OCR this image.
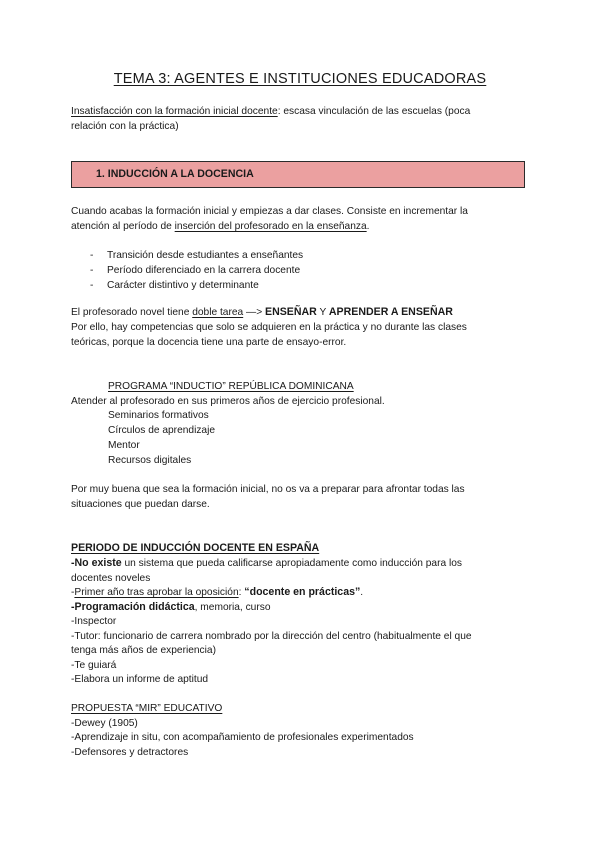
TEMA 3: AGENTES E INSTITUCIONES EDUCADORAS
Insatisfacción con la formación inicial docente: escasa vinculación de las escuelas (poca
relación con la práctica)
1. INDUCCIÓN A LA DOCENCIA
Cuando acabas la formación inicial y empiezas a dar clases. Consiste en incrementar la
atención al período de inserción del profesorado en la enseñanza.
- Transición desde estudiantes a enseñantes
- Período diferenciado en la carrera docente
- Carácter distintivo y determinante
El profesorado novel tiene doble tarea —> ENSEÑAR Y APRENDER A ENSEÑAR
Por ello, hay competencias que solo se adquieren en la práctica y no durante las clases
teóricas, porque la docencia tiene una parte de ensayo-error.
PROGRAMA “INDUCTIO” REPÚBLICA DOMINICANA
Atender al profesorado en sus primeros años de ejercicio profesional.
Seminarios formativos
Círculos de aprendizaje
Mentor
Recursos digitales
Por muy buena que sea la formación inicial, no os va a preparar para afrontar todas las
situaciones que puedan darse.
PERIODO DE INDUCCIÓN DOCENTE EN ESPAÑA
-No existe un sistema que pueda calificarse apropiadamente como inducción para los
docentes noveles
-Primer año tras aprobar la oposición: “docente en prácticas”.
-Programación didáctica, memoria, curso
-Inspector
-Tutor: funcionario de carrera nombrado por la dirección del centro (habitualmente el que
tenga más años de experiencia)
-Te guiará
-Elabora un informe de aptitud
PROPUESTA “MIR” EDUCATIVO
-Dewey (1905)
-Aprendizaje in situ, con acompañamiento de profesionales experimentados
-Defensores y detractores
